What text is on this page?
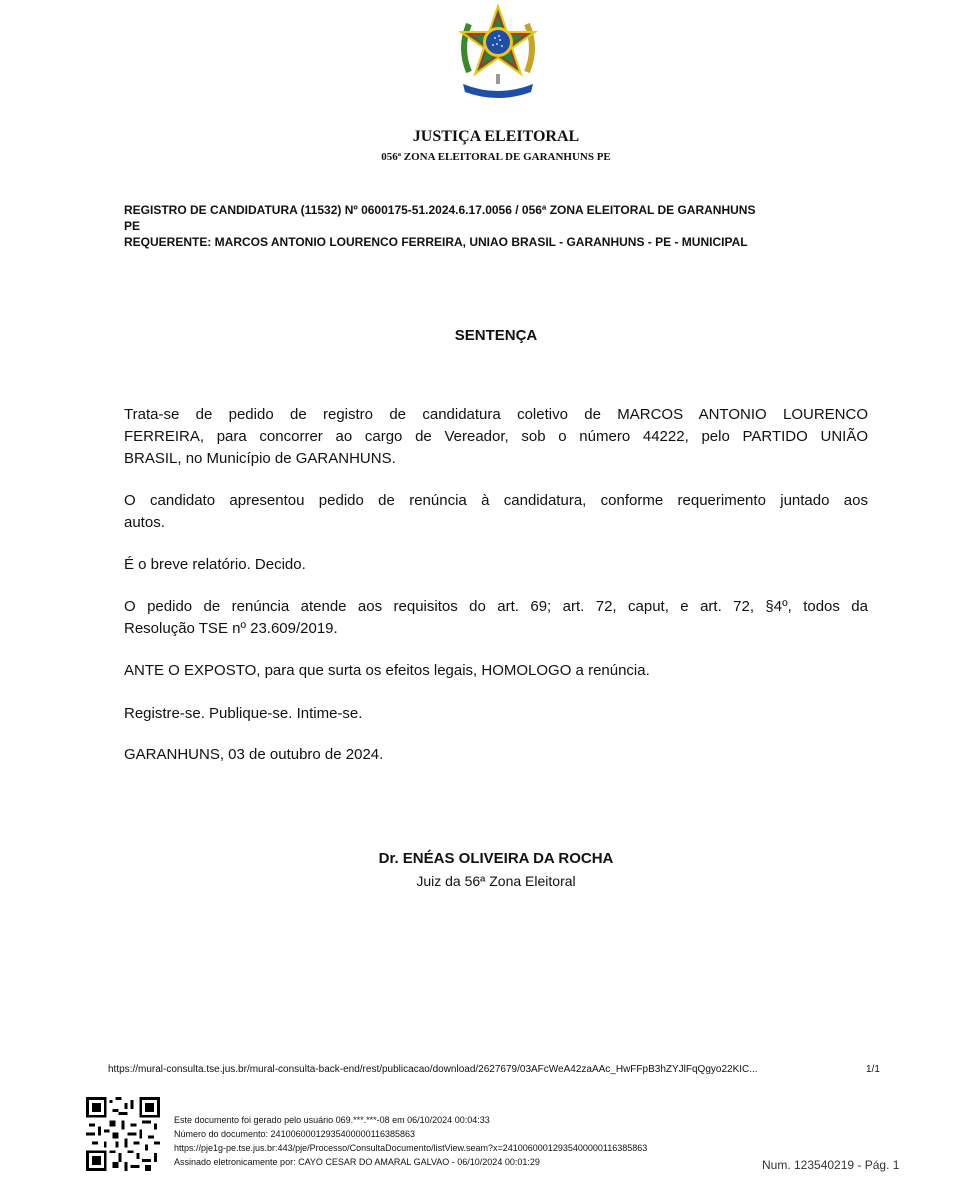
JUSTIÇA ELEITORAL
056ª ZONA ELEITORAL DE GARANHUNS PE
REGISTRO DE CANDIDATURA (11532) Nº 0600175-51.2024.6.17.0056 / 056ª ZONA ELEITORAL DE GARANHUNS
PE
REQUERENTE: MARCOS ANTONIO LOURENCO FERREIRA, UNIAO BRASIL - GARANHUNS - PE - MUNICIPAL
SENTENÇA
Trata-se de pedido de registro de candidatura coletivo de MARCOS ANTONIO LOURENCO
FERREIRA, para concorrer ao cargo de Vereador, sob o número 44222, pelo PARTIDO UNIÃO
BRASIL, no Município de GARANHUNS.
O candidato apresentou pedido de renúncia à candidatura, conforme requerimento juntado aos
autos.
É o breve relatório. Decido.
O pedido de renúncia atende aos requisitos do art. 69; art. 72, caput, e art. 72, §4º, todos da
Resolução TSE nº 23.609/2019.
ANTE O EXPOSTO, para que surta os efeitos legais, HOMOLOGO a renúncia.
Registre-se. Publique-se. Intime-se.
GARANHUNS, 03 de outubro de 2024.
Dr. ENÉAS OLIVEIRA DA ROCHA
Juiz da 56ª Zona Eleitoral
https://mural-consulta.tse.jus.br/mural-consulta-back-end/rest/publicacao/download/2627679/03AFcWeA42zaAAc_HwFFpB3hZYJlFqQgyo22KIC...	1/1
Este documento foi gerado pelo usuário 069.***.***-08 em 06/10/2024 00:04:33
Número do documento: 24100600012935400000116385863
https://pje1g-pe.tse.jus.br:443/pje/Processo/ConsultaDocumento/listView.seam?x=24100600012935400000116385863
Assinado eletronicamente por: CAYO CESAR DO AMARAL GALVAO - 06/10/2024 00:01:29	Num. 123540219 - Pág. 1
